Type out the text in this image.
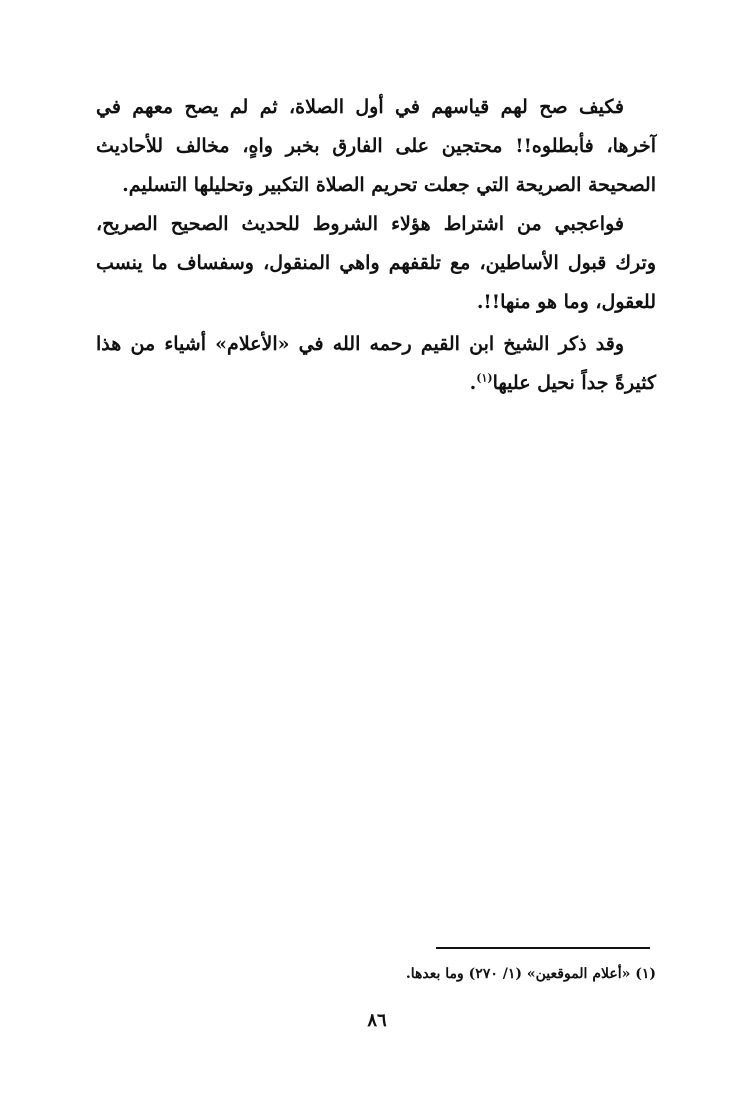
فكيف صح لهم قياسهم في أول الصلاة، ثم لم يصح معهم في آخرها، فأبطلوه!! محتجين على الفارق بخبر واهٍ، مخالف للأحاديث الصحيحة الصريحة التي جعلت تحريم الصلاة التكبير وتحليلها التسليم.

فواعجبي من اشتراط هؤلاء الشروط للحديث الصحيح الصريح، وترك قبول الأساطين، مع تلقفهم واهي المنقول، وسفساف ما ينسب للعقول، وما هو منها!!.

وقد ذكر الشيخ ابن القيم رحمه الله في «الأعلام» أشياء من هذا كثيرةً جداً نحيل عليها$^{(١)}$.

(١) «أعلام الموقعين» (١/ ٢٧٠) وما بعدها.
٨٦
